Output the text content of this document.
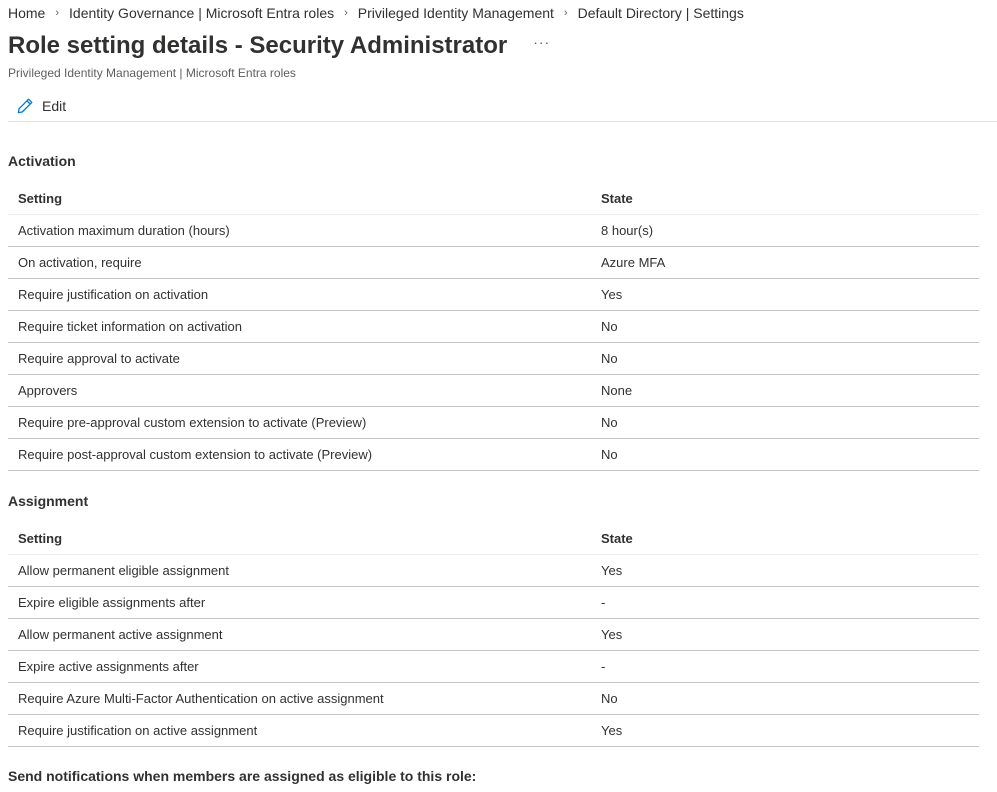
Home › Identity Governance | Microsoft Entra roles › Privileged Identity Management › Default Directory | Settings
Role setting details - Security Administrator ···
Privileged Identity Management | Microsoft Entra roles
Edit
Activation
Setting	State
Activation maximum duration (hours)	8 hour(s)
On activation, require	Azure MFA
Require justification on activation	Yes
Require ticket information on activation	No
Require approval to activate	No
Approvers	None
Require pre-approval custom extension to activate (Preview)	No
Require post-approval custom extension to activate (Preview)	No
Assignment
Setting	State
Allow permanent eligible assignment	Yes
Expire eligible assignments after	-
Allow permanent active assignment	Yes
Expire active assignments after	-
Require Azure Multi-Factor Authentication on active assignment	No
Require justification on active assignment	Yes
Send notifications when members are assigned as eligible to this role:
